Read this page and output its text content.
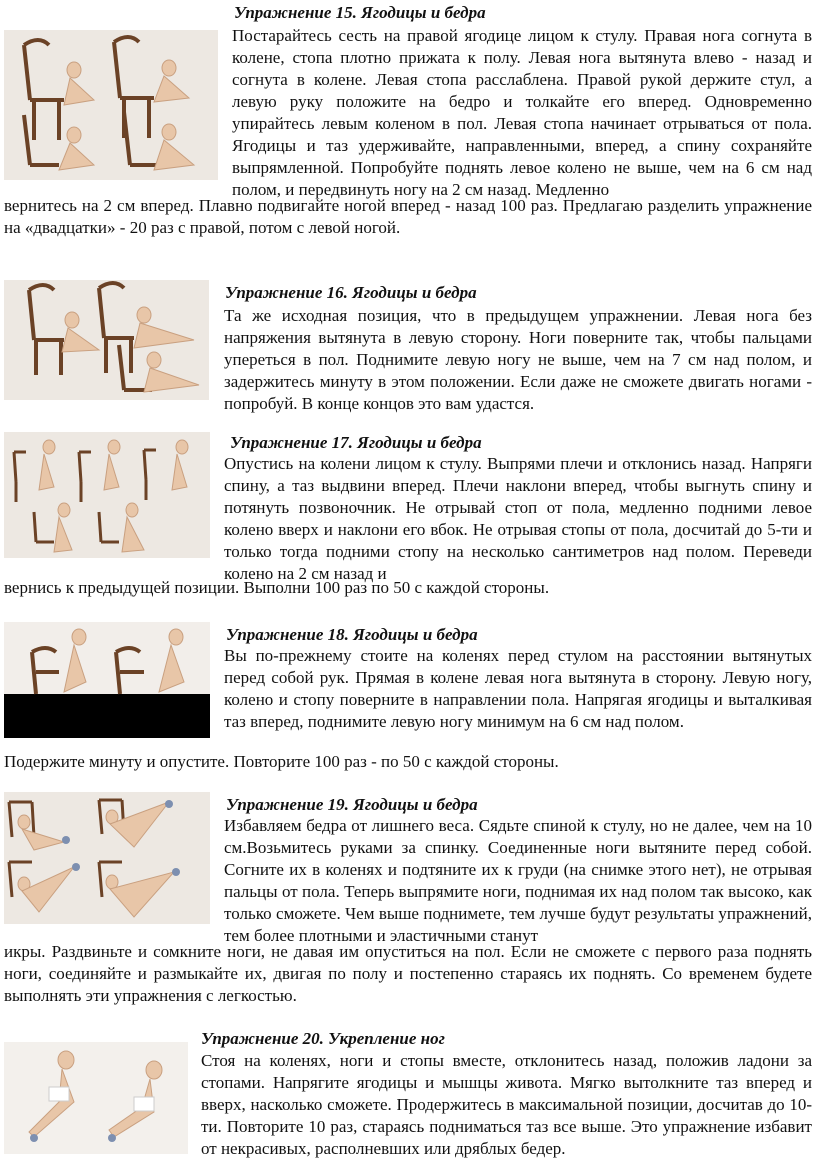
Упражнение 15. Ягодицы и бедра

Постарайтесь сесть на правой ягодице лицом к стулу. Правая нога согнута в колене, стопа плотно прижата к полу. Левая нога вытянута влево - назад и согнута в колене. Левая стопа расслаблена. Правой рукой держите стул, а левую руку положите на бедро и толкайте его вперед. Одновременно упирайтесь левым коленом в пол. Левая стопа начинает отрываться от пола. Ягодицы и таз удерживайте, направленными, вперед, а спину сохраняйте выпрямленной. Попробуйте поднять левое колено не выше, чем на 6 см над полом, и передвинуть ногу на 2 см назад. Медленно

вернитесь на 2 см вперед. Плавно подвигайте ногой вперед - назад 100 раз. Предлагаю разделить упражнение на «двадцатки» - 20 раз с правой, потом с левой ногой.

Упражнение 16. Ягодицы и бедра

Та же исходная позиция, что в предыдущем упражнении. Левая нога без напряжения вытянута в левую сторону. Ноги поверните так, чтобы пальцами упереться в пол. Поднимите левую ногу не выше, чем на 7 см над полом, и задержитесь минуту в этом положении. Если даже не сможете двигать ногами - попробуй. В конце концов это вам удастся.

Упражнение 17. Ягодицы и бедра

Опустись на колени лицом к стулу. Выпрями плечи и отклонись назад. Напряги спину, а таз выдвини вперед. Плечи наклони вперед, чтобы выгнуть спину и потянуть позвоночник. Не отрывай стоп от пола, медленно подними левое колено вверх и наклони его вбок. Не отрывая стопы от пола, досчитай до 5-ти и только тогда подними стопу на несколько сантиметров над полом. Переведи колено на 2 см назад и

вернись к предыдущей позиции. Выполни 100 раз по 50 с каждой стороны.

Упражнение 18. Ягодицы и бедра

Вы по-прежнему стоите на коленях перед стулом на расстоянии вытянутых перед собой рук. Прямая в колене левая нога вытянута в сторону. Левую ногу, колено и стопу поверните в направлении пола. Напрягая ягодицы и выталкивая таз вперед, поднимите левую ногу минимум на 6 см над полом.

Подержите минуту и опустите. Повторите 100 раз - по 50 с каждой стороны.

Упражнение 19. Ягодицы и бедра

Избавляем бедра от лишнего веса. Сядьте спиной к стулу, но не далее, чем на 10 см.Возьмитесь руками за спинку. Соединенные ноги вытяните перед собой. Согните их в коленях и подтяните их к груди (на снимке этого нет), не отрывая пальцы от пола. Теперь выпрямите ноги, поднимая их над полом так высоко, как только сможете. Чем выше поднимете, тем лучше будут результаты упражнений, тем более плотными и эластичными станут

икры. Раздвиньте и сомкните ноги, не давая им опуститься на пол. Если не сможете с первого раза поднять ноги, соединяйте и размыкайте их, двигая по полу и постепенно стараясь их поднять. Со временем будете выполнять эти упражнения с легкостью.

Упражнение 20. Укрепление ног

Стоя на коленях, ноги и стопы вместе, отклонитесь назад, положив ладони за стопами. Напрягите ягодицы и мышцы живота. Мягко вытолкните таз вперед и вверх, насколько сможете. Продержитесь в максимальной позиции, досчитав до 10-ти. Повторите 10 раз, стараясь подниматься таз все выше. Это упражнение избавит от некрасивых, располневших или дряблых бедер.
